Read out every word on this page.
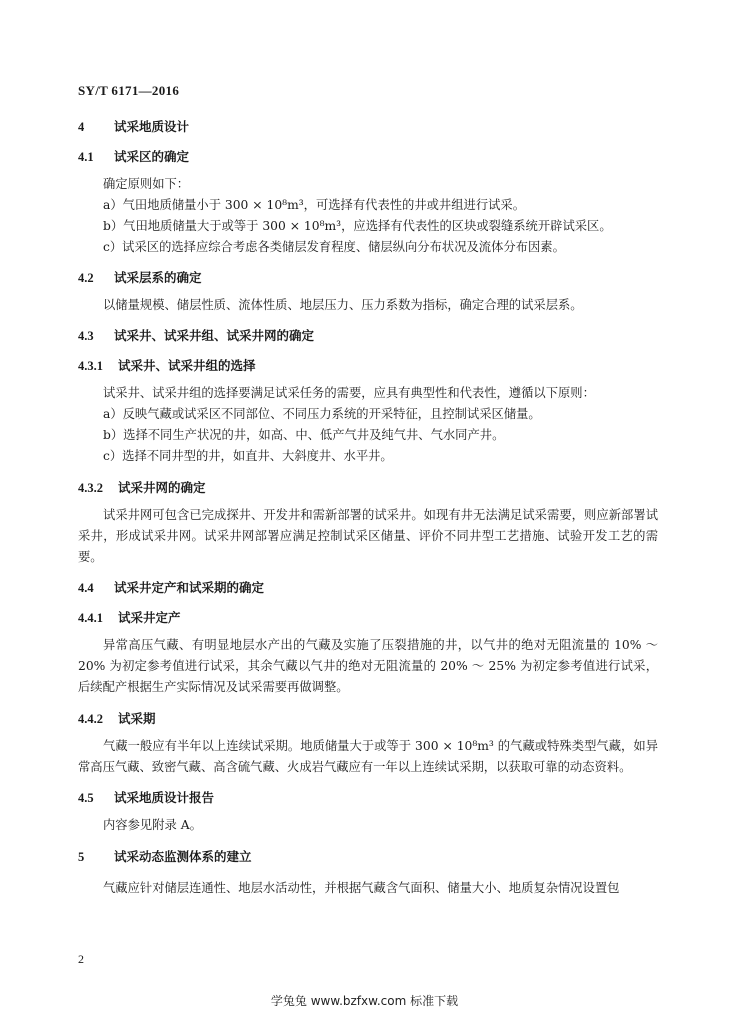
SY/T 6171—2016
4 试采地质设计
4.1 试采区的确定
确定原则如下：
a）气田地质储量小于 300 × 10⁸m³，可选择有代表性的井或井组进行试采。
b）气田地质储量大于或等于 300 × 10⁸m³，应选择有代表性的区块或裂缝系统开辟试采区。
c）试采区的选择应综合考虑各类储层发育程度、储层纵向分布状况及流体分布因素。
4.2 试采层系的确定
以储量规模、储层性质、流体性质、地层压力、压力系数为指标，确定合理的试采层系。
4.3 试采井、试采井组、试采井网的确定
4.3.1 试采井、试采井组的选择
试采井、试采井组的选择要满足试采任务的需要，应具有典型性和代表性，遵循以下原则：
a）反映气藏或试采区不同部位、不同压力系统的开采特征，且控制试采区储量。
b）选择不同生产状况的井，如高、中、低产气井及纯气井、气水同产井。
c）选择不同井型的井，如直井、大斜度井、水平井。
4.3.2 试采井网的确定
试采井网可包含已完成探井、开发井和需新部署的试采井。如现有井无法满足试采需要，则应新部署试采井，形成试采井网。试采井网部署应满足控制试采区储量、评价不同井型工艺措施、试验开发工艺的需要。
4.4 试采井定产和试采期的确定
4.4.1 试采井定产
异常高压气藏、有明显地层水产出的气藏及实施了压裂措施的井，以气井的绝对无阻流量的 10% ～ 20% 为初定参考值进行试采，其余气藏以气井的绝对无阻流量的 20% ～ 25% 为初定参考值进行试采，后续配产根据生产实际情况及试采需要再做调整。
4.4.2 试采期
气藏一般应有半年以上连续试采期。地质储量大于或等于 300 × 10⁸m³ 的气藏或特殊类型气藏，如异常高压气藏、致密气藏、高含硫气藏、火成岩气藏应有一年以上连续试采期，以获取可靠的动态资料。
4.5 试采地质设计报告
内容参见附录 A。
5 试采动态监测体系的建立
气藏应针对储层连通性、地层水活动性，并根据气藏含气面积、储量大小、地质复杂情况设置包
2
学兔兔 www.bzfxw.com 标准下载
